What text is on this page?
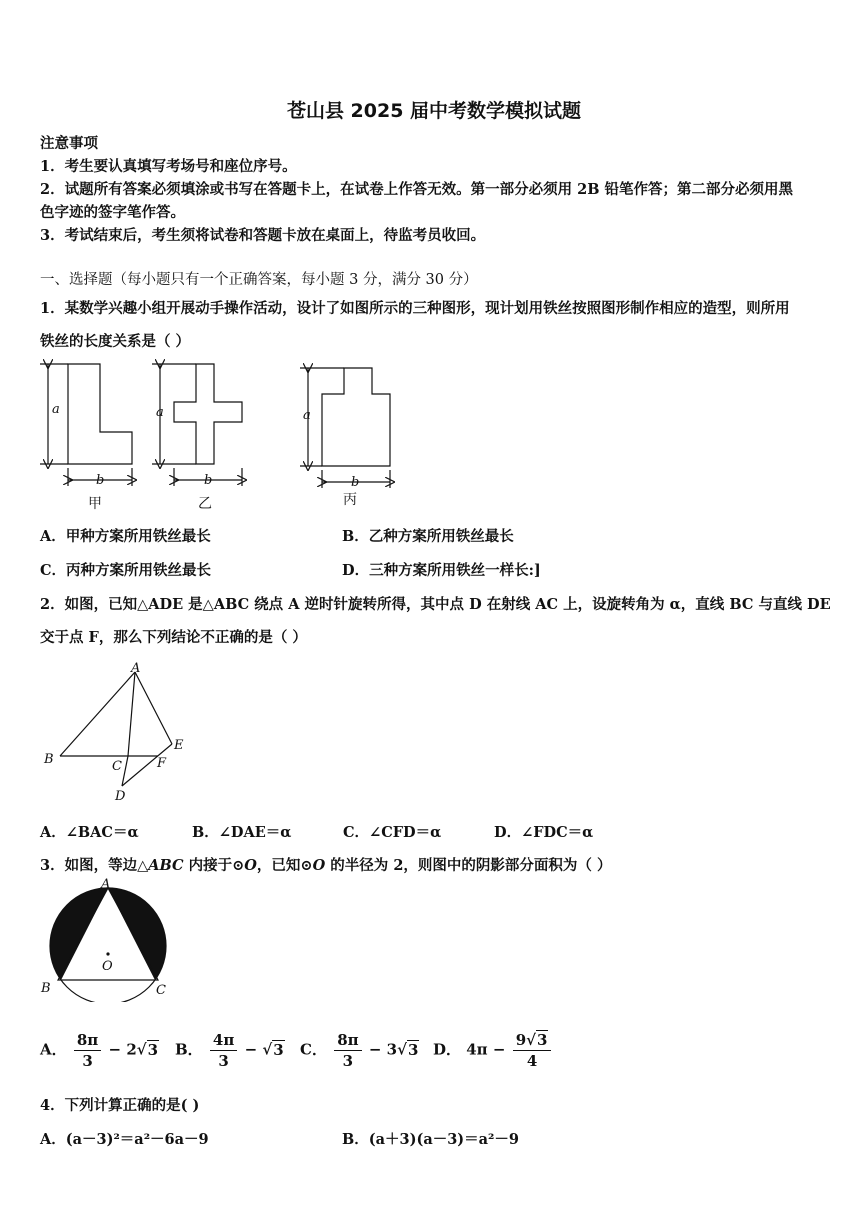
苍山县 2025 届中考数学模拟试题
注意事项
1．考生要认真填写考场号和座位序号。
2．试题所有答案必须填涂或书写在答题卡上，在试卷上作答无效。第一部分必须用 2B 铅笔作答；第二部分必须用黑
色字迹的签字笔作答。
3．考试结束后，考生须将试卷和答题卡放在桌面上，待监考员收回。
一、选择题（每小题只有一个正确答案，每小题 3 分，满分 30 分）
1．某数学兴趣小组开展动手操作活动，设计了如图所示的三种图形，现计划用铁丝按照图形制作相应的造型，则所用
铁丝的长度关系是（ ）
a
b
a
b
a
b
甲	乙	丙
A．甲种方案所用铁丝最长	B．乙种方案所用铁丝最长
C．丙种方案所用铁丝最长	D．三种方案所用铁丝一样长:]
2．如图，已知△ADE 是△ABC 绕点 A 逆时针旋转所得，其中点 D 在射线 AC 上，设旋转角为 α，直线 BC 与直线 DE
交于点 F，那么下列结论不正确的是（ ）
A
B	C
D
E
F
A．∠BAC＝α	B．∠DAE＝α	C．∠CFD＝α	D．∠FDC＝α
3．如图，等边△ABC 内接于⊙O，已知⊙O 的半径为 2，则图中的阴影部分面积为（ ）
A
B	C
O
A． $\frac{8\pi}{3} - 2√3$ B． $\frac{4\pi}{3} - √3$ C． $\frac{8\pi}{3} - 3√3$ D． $4\pi - \frac{9√3}{4}$
4．下列计算正确的是( )
A．(a－3)²＝a²－6a－9	B．(a＋3)(a－3)＝a²－9
